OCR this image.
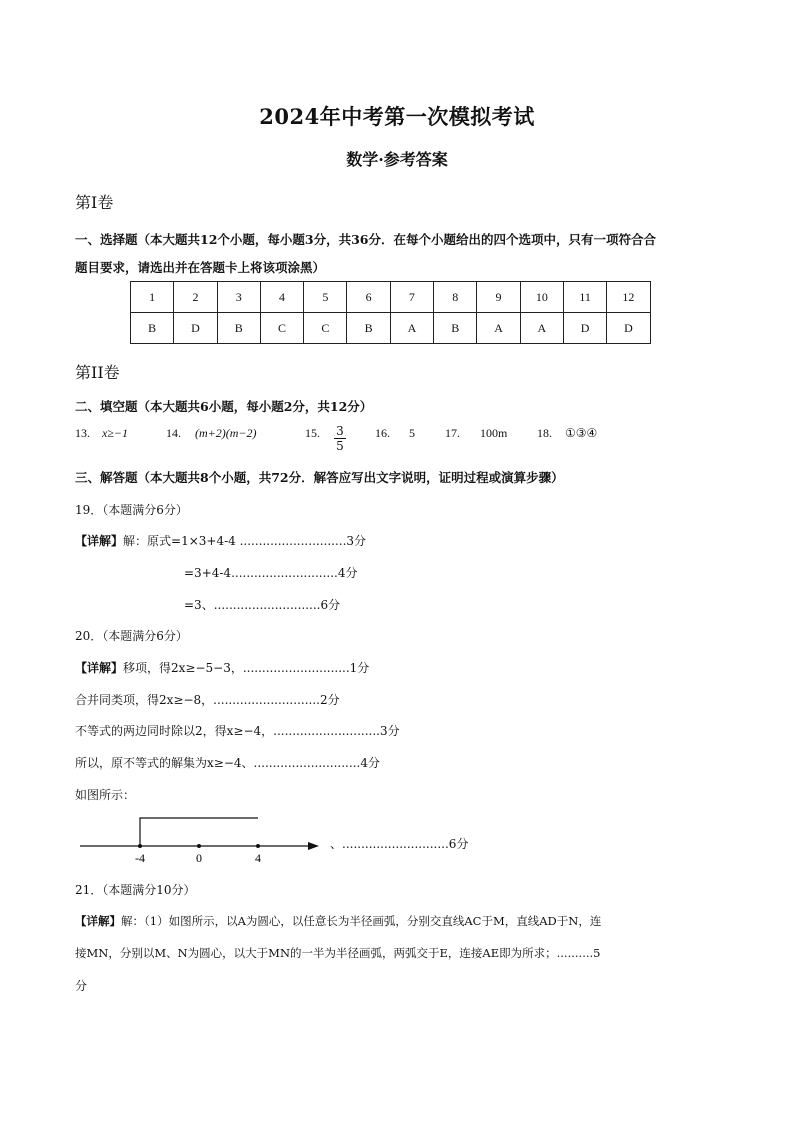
2024年中考第一次模拟考试
数学·参考答案
第Ⅰ卷
一、选择题（本大题共12个小题，每小题3分，共36分．在每个小题给出的四个选项中，只有一项符合合
题目要求，请选出并在答题卡上将该项涂黑）
1	2	3	4	5	6	7	8	9	10	11	12
B	D	B	C	C	B	A	B	A	A	D	D
第II卷
二、填空题（本大题共6小题，每小题2分，共12分）
13. x≥−1	14. (m+2)(m−2)	15.	16. 5	17. 100m 18. ①③④
$\frac{3}{5}$
三、解答题（本大题共8个小题，共72分．解答应写出文字说明，证明过程或演算步骤）
19．（本题满分6分）
【详解】解：原式=1×3+4-4 ............................3分
=3+4-4............................4分
=3、............................6分
20．（本题满分6分）
【详解】移项，得2x≥−5−3，............................1分
合并同类项，得2x≥−8，............................2分
不等式的两边同时除以2，得x≥−4，............................3分
所以，原不等式的解集为x≥−4、............................4分
如图所示：
-4	0	4
、............................6分
21．（本题满分10分）
【详解】解：（1）如图所示，以A为圆心，以任意长为半径画弧，分别交直线AC于M，直线AD于N，连
接MN，分别以M、N为圆心，以大于MN的一半为半径画弧，两弧交于E，连接AE即为所求；..........5
分
